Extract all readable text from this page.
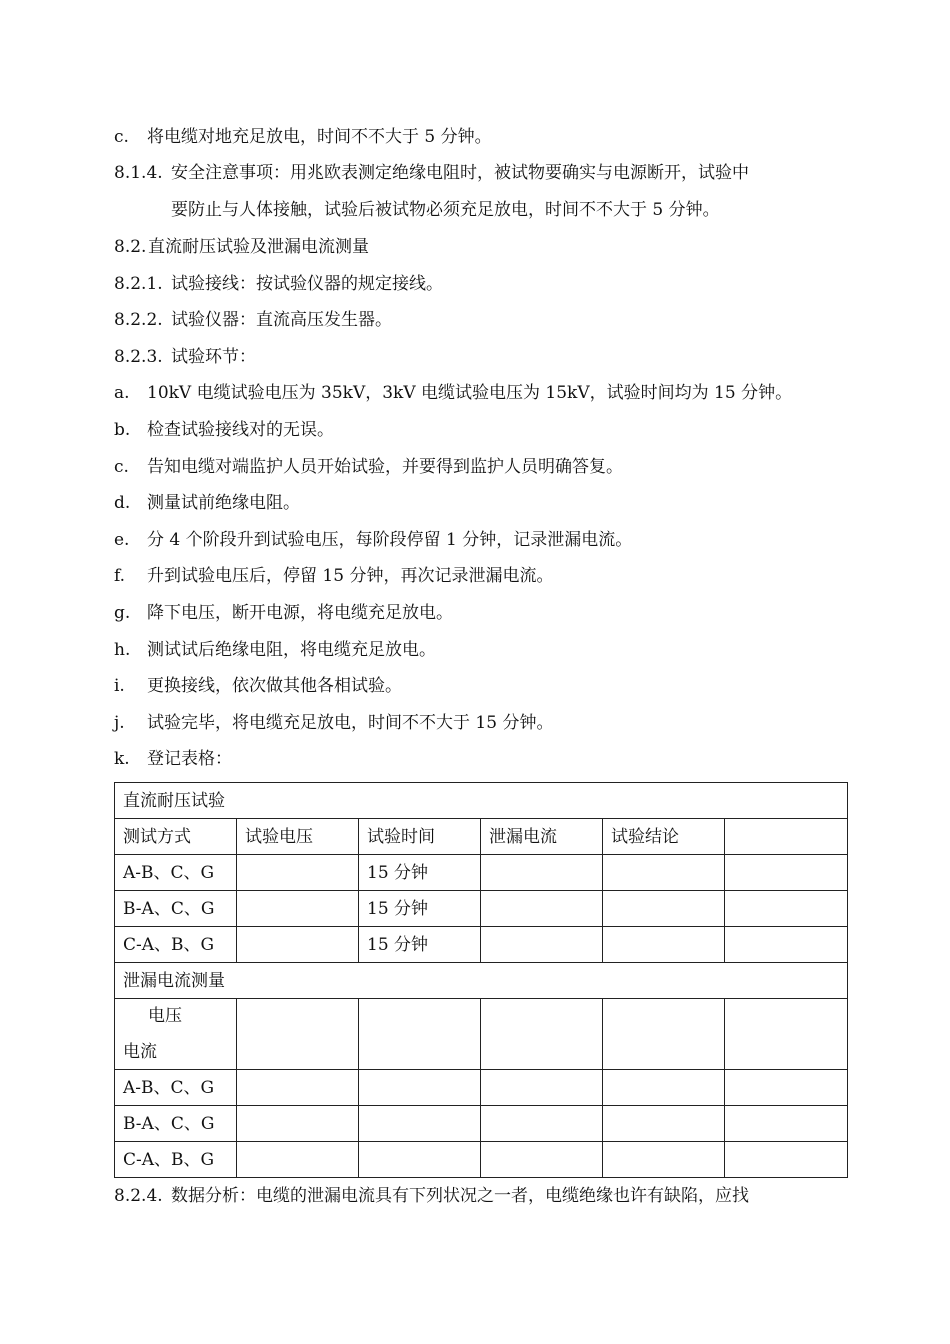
c. 将电缆对地充足放电，时间不不大于 5 分钟。
8.1.4. 安全注意事项：用兆欧表测定绝缘电阻时，被试物要确实与电源断开，试验中
要防止与人体接触，试验后被试物必须充足放电，时间不不大于 5 分钟。
8.2. 直流耐压试验及泄漏电流测量
8.2.1. 试验接线：按试验仪器的规定接线。
8.2.2. 试验仪器：直流高压发生器。
8.2.3. 试验环节：
a. 10kV 电缆试验电压为 35kV，3kV 电缆试验电压为 15kV，试验时间均为 15 分钟。
b. 检查试验接线对的无误。
c. 告知电缆对端监护人员开始试验，并要得到监护人员明确答复。
d. 测量试前绝缘电阻。
e. 分 4 个阶段升到试验电压，每阶段停留 1 分钟，记录泄漏电流。
f. 升到试验电压后，停留 15 分钟，再次记录泄漏电流。
g. 降下电压，断开电源，将电缆充足放电。
h. 测试试后绝缘电阻，将电缆充足放电。
i. 更换接线，依次做其他各相试验。
j. 试验完毕，将电缆充足放电，时间不不大于 15 分钟。
k. 登记表格：
直流耐压试验					
测试方式	试验电压	试验时间	泄漏电流	试验结论	
A-B、C、G		15 分钟			
B-A、C、G		15 分钟			
C-A、B、G		15 分钟			
泄漏电流测量					

电压
电流					

A-B、C、G					
B-A、C、G					
C-A、B、G					
8.2.4. 数据分析：电缆的泄漏电流具有下列状况之一者，电缆绝缘也许有缺陷，应找
